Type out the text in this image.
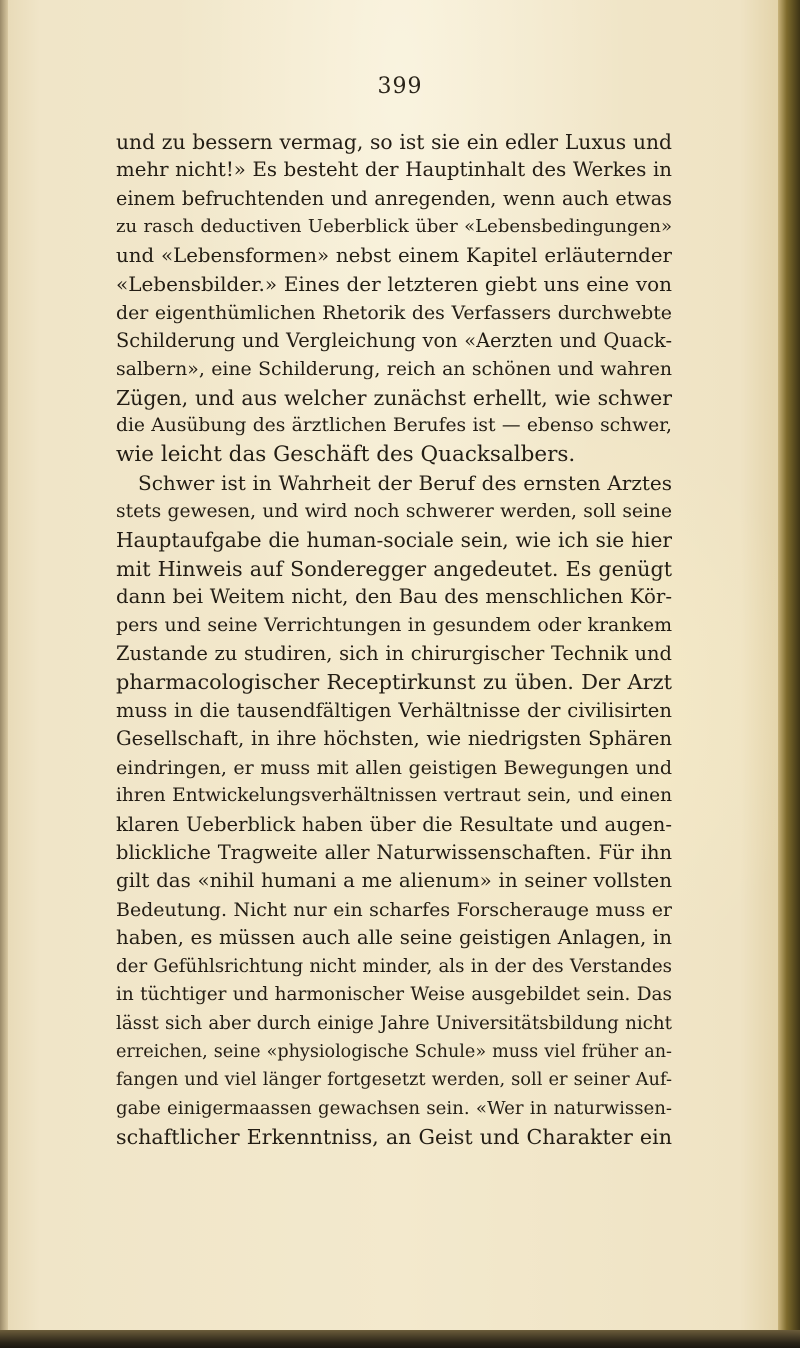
399
und zu bessern vermag, so ist sie ein edler Luxus und
mehr nicht!» Es besteht der Hauptinhalt des Werkes in
einem befruchtenden und anregenden, wenn auch etwas
zu rasch deductiven Ueberblick über «Lebensbedingungen»
und «Lebensformen» nebst einem Kapitel erläuternder
«Lebensbilder.» Eines der letzteren giebt uns eine von
der eigenthümlichen Rhetorik des Verfassers durchwebte
Schilderung und Vergleichung von «Aerzten und Quack-
salbern», eine Schilderung, reich an schönen und wahren
Zügen, und aus welcher zunächst erhellt, wie schwer
die Ausübung des ärztlichen Berufes ist — ebenso schwer,
wie leicht das Geschäft des Quacksalbers.
Schwer ist in Wahrheit der Beruf des ernsten Arztes
stets gewesen, und wird noch schwerer werden, soll seine
Hauptaufgabe die human-sociale sein, wie ich sie hier
mit Hinweis auf Sonderegger angedeutet. Es genügt
dann bei Weitem nicht, den Bau des menschlichen Kör-
pers und seine Verrichtungen in gesundem oder krankem
Zustande zu studiren, sich in chirurgischer Technik und
pharmacologischer Receptirkunst zu üben. Der Arzt
muss in die tausendfältigen Verhältnisse der civilisirten
Gesellschaft, in ihre höchsten, wie niedrigsten Sphären
eindringen, er muss mit allen geistigen Bewegungen und
ihren Entwickelungsverhältnissen vertraut sein, und einen
klaren Ueberblick haben über die Resultate und augen-
blickliche Tragweite aller Naturwissenschaften. Für ihn
gilt das «nihil humani a me alienum» in seiner vollsten
Bedeutung. Nicht nur ein scharfes Forscherauge muss er
haben, es müssen auch alle seine geistigen Anlagen, in
der Gefühlsrichtung nicht minder, als in der des Verstandes
in tüchtiger und harmonischer Weise ausgebildet sein. Das
lässt sich aber durch einige Jahre Universitätsbildung nicht
erreichen, seine «physiologische Schule» muss viel früher an-
fangen und viel länger fortgesetzt werden, soll er seiner Auf-
gabe einigermaassen gewachsen sein. «Wer in naturwissen-
schaftlicher Erkenntniss, an Geist und Charakter ein
